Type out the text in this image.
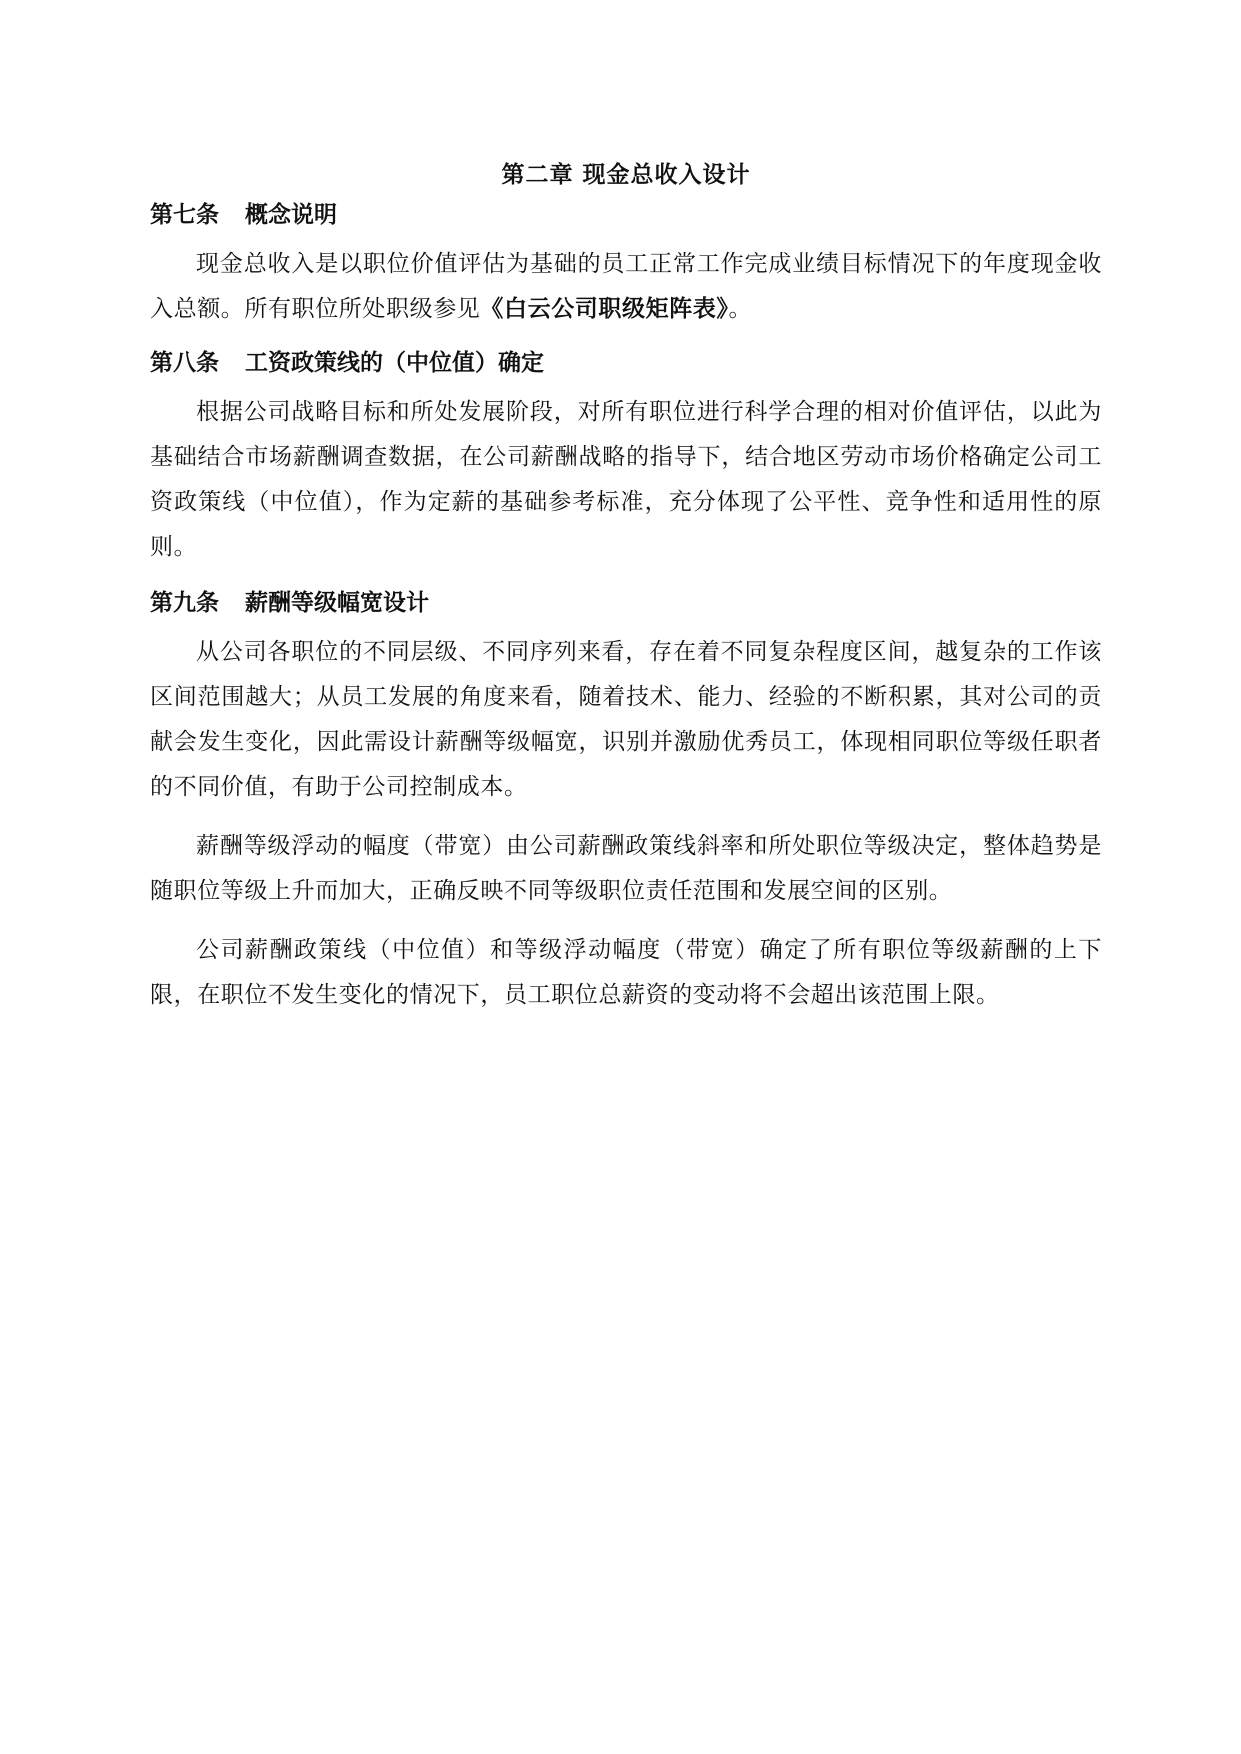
第二章 现金总收入设计
第七条 概念说明

现金总收入是以职位价值评估为基础的员工正常工作完成业绩目标情况下的年度现金收入总额。所有职位所处职级参见《白云公司职级矩阵表》。

第八条 工资政策线的（中位值）确定

根据公司战略目标和所处发展阶段，对所有职位进行科学合理的相对价值评估，以此为基础结合市场薪酬调查数据，在公司薪酬战略的指导下，结合地区劳动市场价格确定公司工资政策线（中位值），作为定薪的基础参考标准，充分体现了公平性、竞争性和适用性的原则。

第九条 薪酬等级幅宽设计

从公司各职位的不同层级、不同序列来看，存在着不同复杂程度区间，越复杂的工作该区间范围越大；从员工发展的角度来看，随着技术、能力、经验的不断积累，其对公司的贡献会发生变化，因此需设计薪酬等级幅宽，识别并激励优秀员工，体现相同职位等级任职者的不同价值，有助于公司控制成本。

薪酬等级浮动的幅度（带宽）由公司薪酬政策线斜率和所处职位等级决定，整体趋势是随职位等级上升而加大，正确反映不同等级职位责任范围和发展空间的区别。

公司薪酬政策线（中位值）和等级浮动幅度（带宽）确定了所有职位等级薪酬的上下限，在职位不发生变化的情况下，员工职位总薪资的变动将不会超出该范围上限。
